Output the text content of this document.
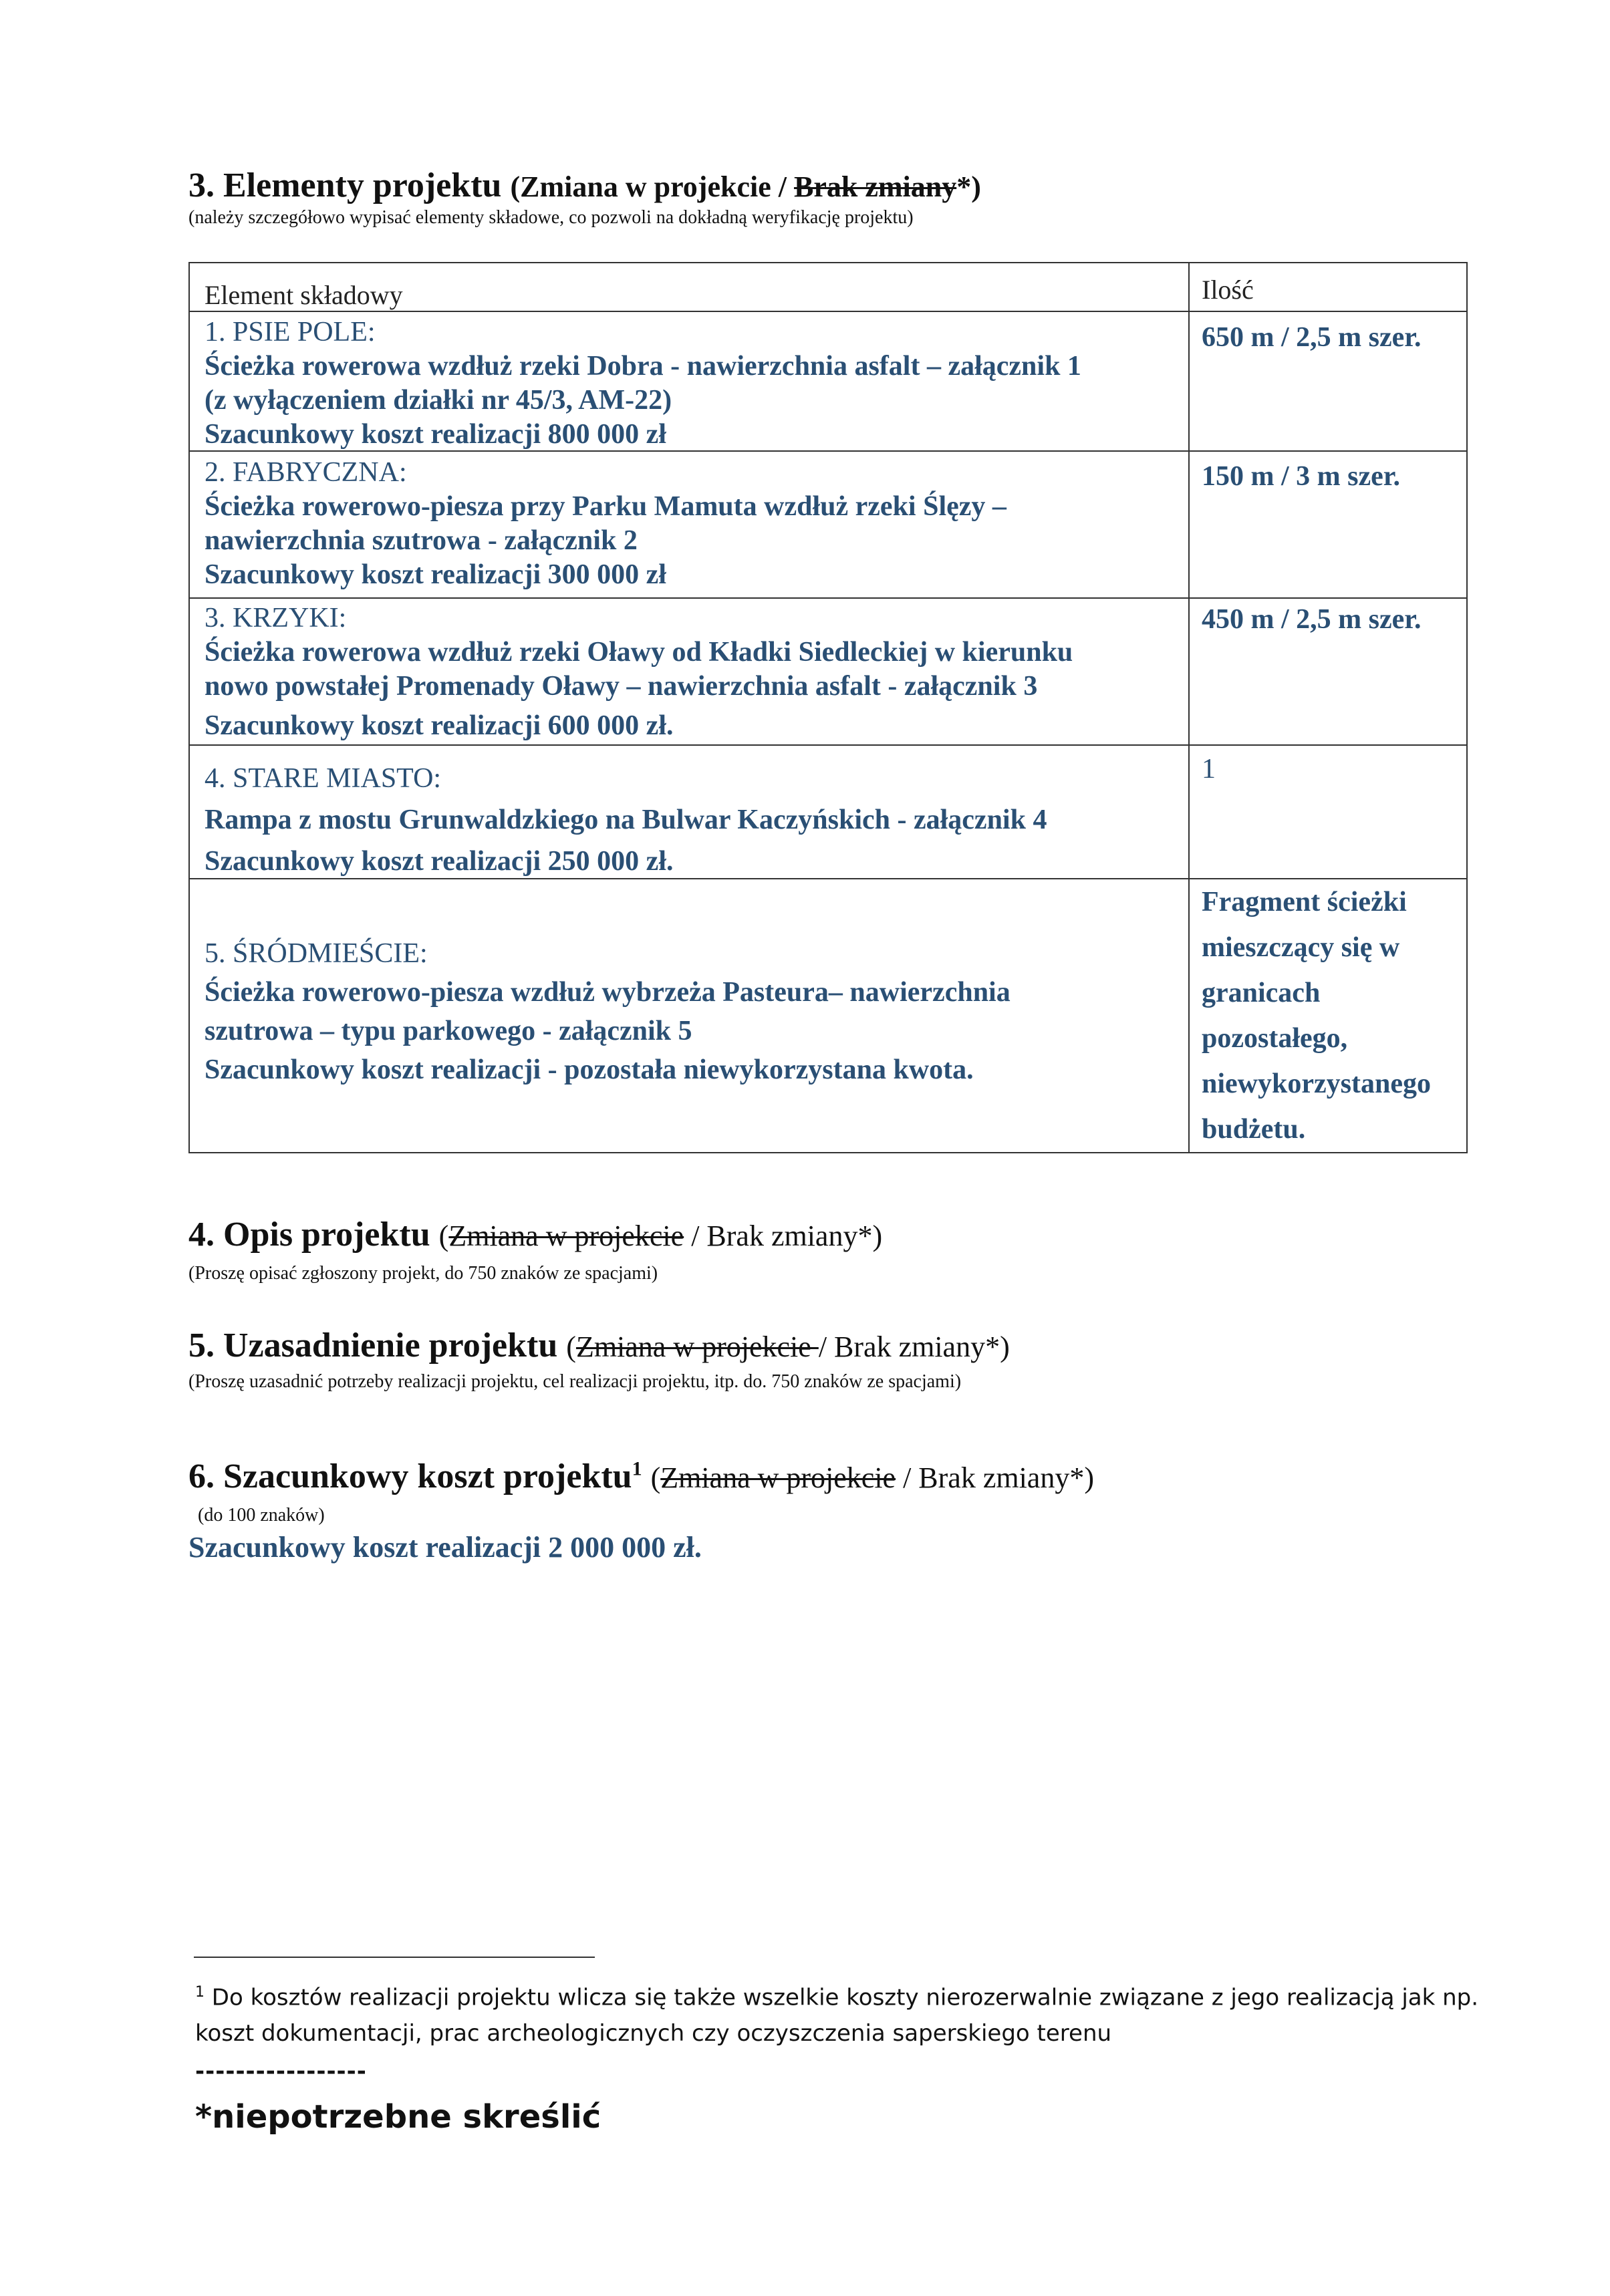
3. Elementy projektu (Zmiana w projekcie / Brak zmiany*)
(należy szczegółowo wypisać elementy składowe, co pozwoli na dokładną weryfikację projektu)
Element składowy	Ilość
1. PSIE POLE:
Ścieżka rowerowa wzdłuż rzeki Dobra - nawierzchnia asfalt – załącznik 1
(z wyłączeniem działki nr 45/3, AM-22)
Szacunkowy koszt realizacji 800 000 zł
650 m / 2,5 m szer.
2. FABRYCZNA:
Ścieżka rowerowo-piesza przy Parku Mamuta wzdłuż rzeki Ślęzy –
nawierzchnia szutrowa - załącznik 2
Szacunkowy koszt realizacji 300 000 zł
150 m / 3 m szer.
3. KRZYKI:
Ścieżka rowerowa wzdłuż rzeki Oławy od Kładki Siedleckiej w kierunku
nowo powstałej Promenady Oławy – nawierzchnia asfalt - załącznik 3
Szacunkowy koszt realizacji 600 000 zł.
450 m / 2,5 m szer.
4. STARE MIASTO:
Rampa z mostu Grunwaldzkiego na Bulwar Kaczyńskich - załącznik 4
Szacunkowy koszt realizacji 250 000 zł.
1
5. ŚRÓDMIEŚCIE:
Ścieżka rowerowo-piesza wzdłuż wybrzeża Pasteura– nawierzchnia
szutrowa – typu parkowego - załącznik 5
Szacunkowy koszt realizacji - pozostała niewykorzystana kwota.
Fragment ścieżki
mieszczący się w
granicach
pozostałego,
niewykorzystanego
budżetu.
4. Opis projektu (Zmiana w projekcie / Brak zmiany*)
(Proszę opisać zgłoszony projekt, do 750 znaków ze spacjami)
5. Uzasadnienie projektu (Zmiana w projekcie / Brak zmiany*)
(Proszę uzasadnić potrzeby realizacji projektu, cel realizacji projektu, itp. do. 750 znaków ze spacjami)
6. Szacunkowy koszt projektu$^1$ (Zmiana w projekcie / Brak zmiany*)
(do 100 znaków)
Szacunkowy koszt realizacji 2 000 000 zł.
$^1$ Do kosztów realizacji projektu wlicza się także wszelkie koszty nierozerwalnie związane z jego realizacją jak np.
koszt dokumentacji, prac archeologicznych czy oczyszczenia saperskiego terenu
-----------------
*niepotrzebne skreślić
